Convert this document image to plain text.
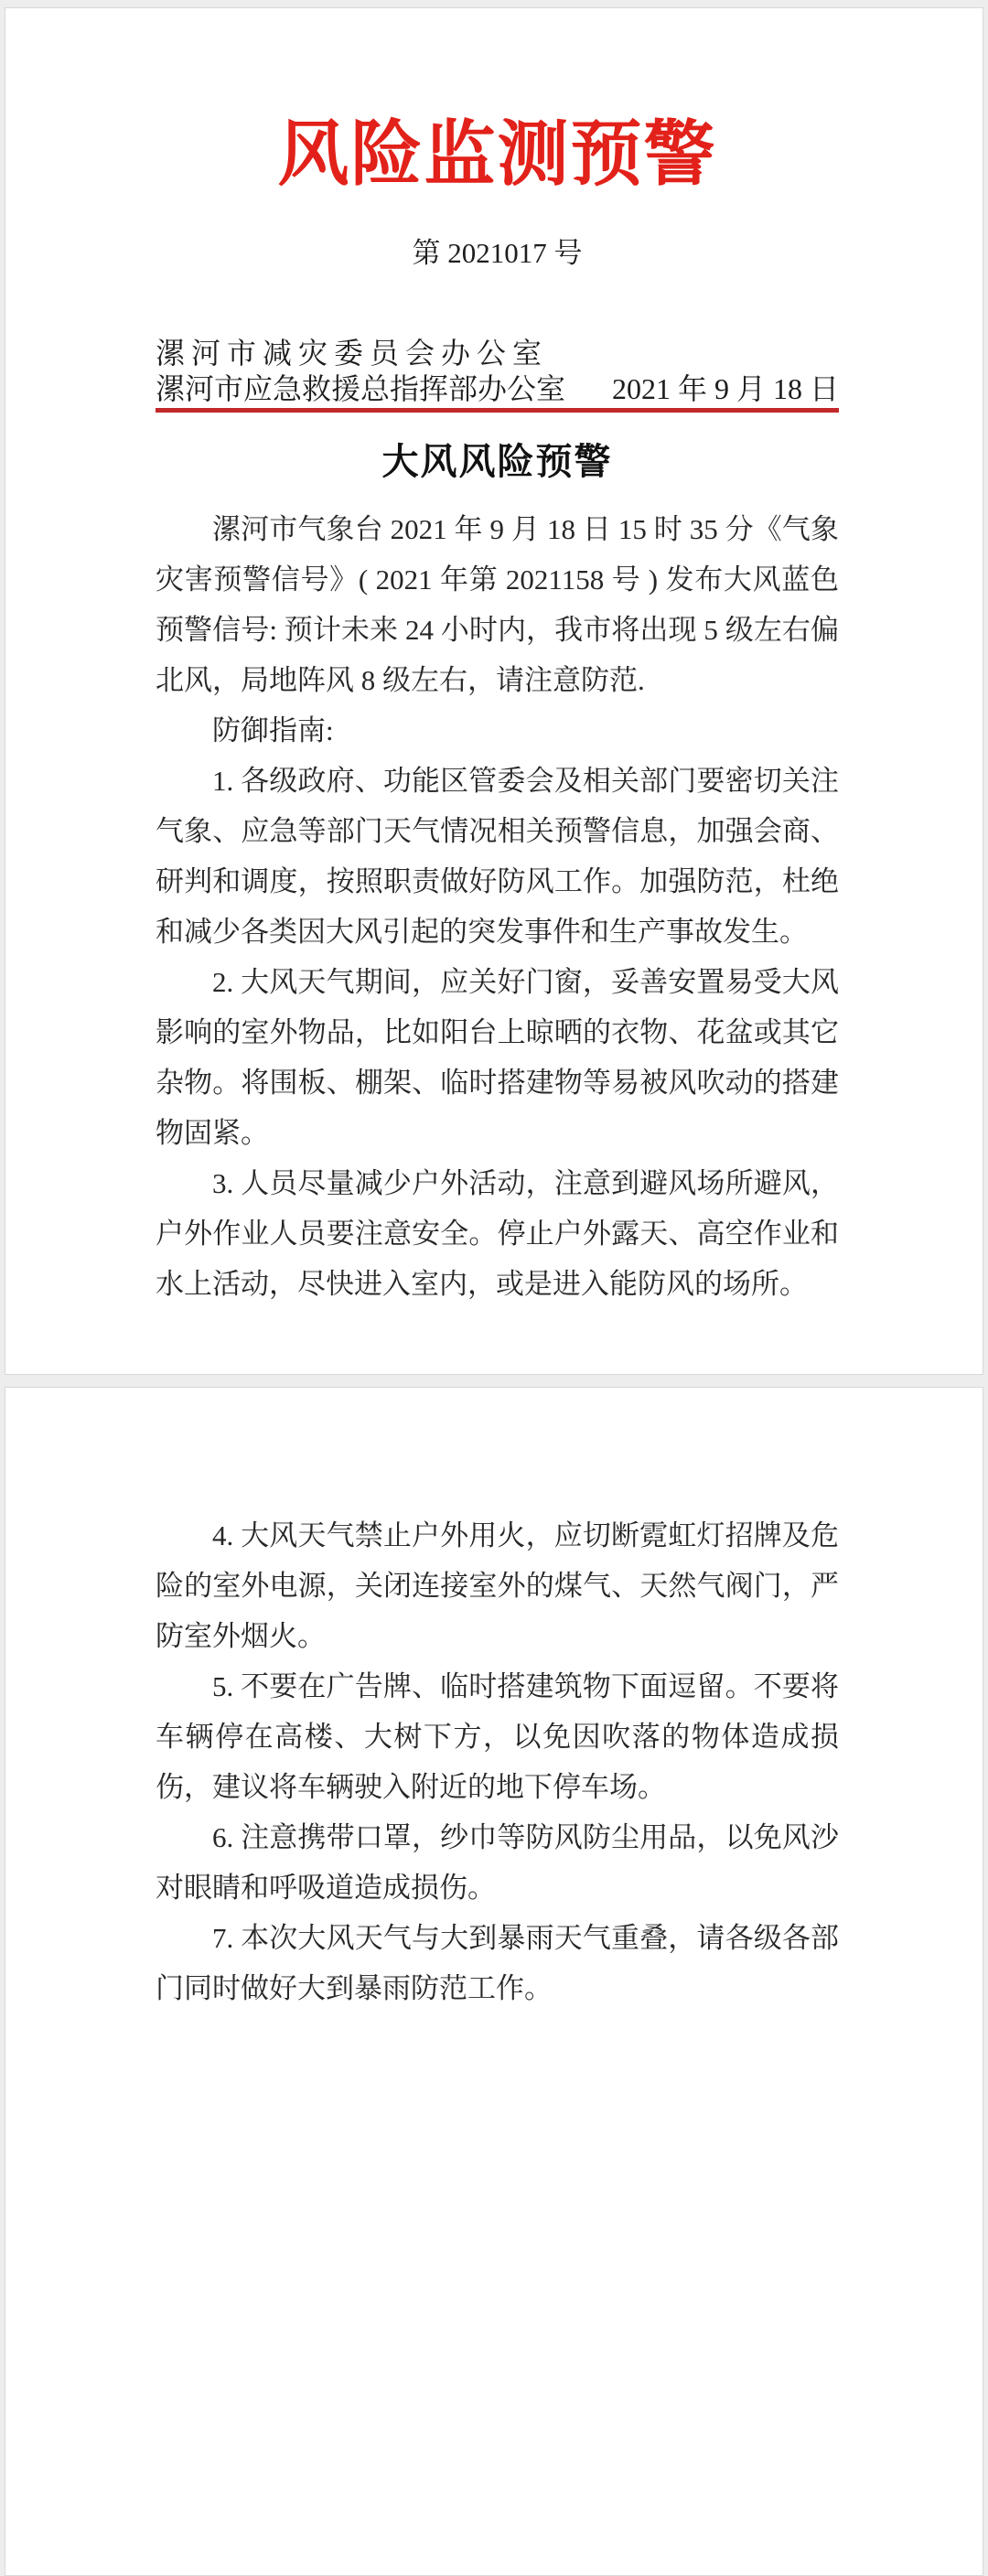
风险监测预警
第 2021017 号
漯河市减灾委员会办公室
漯河市应急救援总指挥部办公室 2021 年 9 月 18 日
大风风险预警

漯河市气象台 2021 年 9 月 18 日 15 时 35 分《气象灾害预警信号》( 2021 年第 2021158 号 ) 发布大风蓝色预警信号: 预计未来 24 小时内，我市将出现 5 级左右偏北风，局地阵风 8 级左右，请注意防范.

防御指南:

1. 各级政府、功能区管委会及相关部门要密切关注气象、应急等部门天气情况相关预警信息，加强会商、研判和调度，按照职责做好防风工作。加强防范，杜绝和减少各类因大风引起的突发事件和生产事故发生。

2. 大风天气期间，应关好门窗，妥善安置易受大风影响的室外物品，比如阳台上晾晒的衣物、花盆或其它杂物。将围板、棚架、临时搭建物等易被风吹动的搭建物固紧。

3. 人员尽量减少户外活动，注意到避风场所避风，户外作业人员要注意安全。停止户外露天、高空作业和水上活动，尽快进入室内，或是进入能防风的场所。

4. 大风天气禁止户外用火，应切断霓虹灯招牌及危险的室外电源，关闭连接室外的煤气、天然气阀门，严防室外烟火。

5. 不要在广告牌、临时搭建筑物下面逗留。不要将车辆停在高楼、大树下方，以免因吹落的物体造成损伤，建议将车辆驶入附近的地下停车场。

6. 注意携带口罩，纱巾等防风防尘用品，以免风沙对眼睛和呼吸道造成损伤。

7. 本次大风天气与大到暴雨天气重叠，请各级各部门同时做好大到暴雨防范工作。
